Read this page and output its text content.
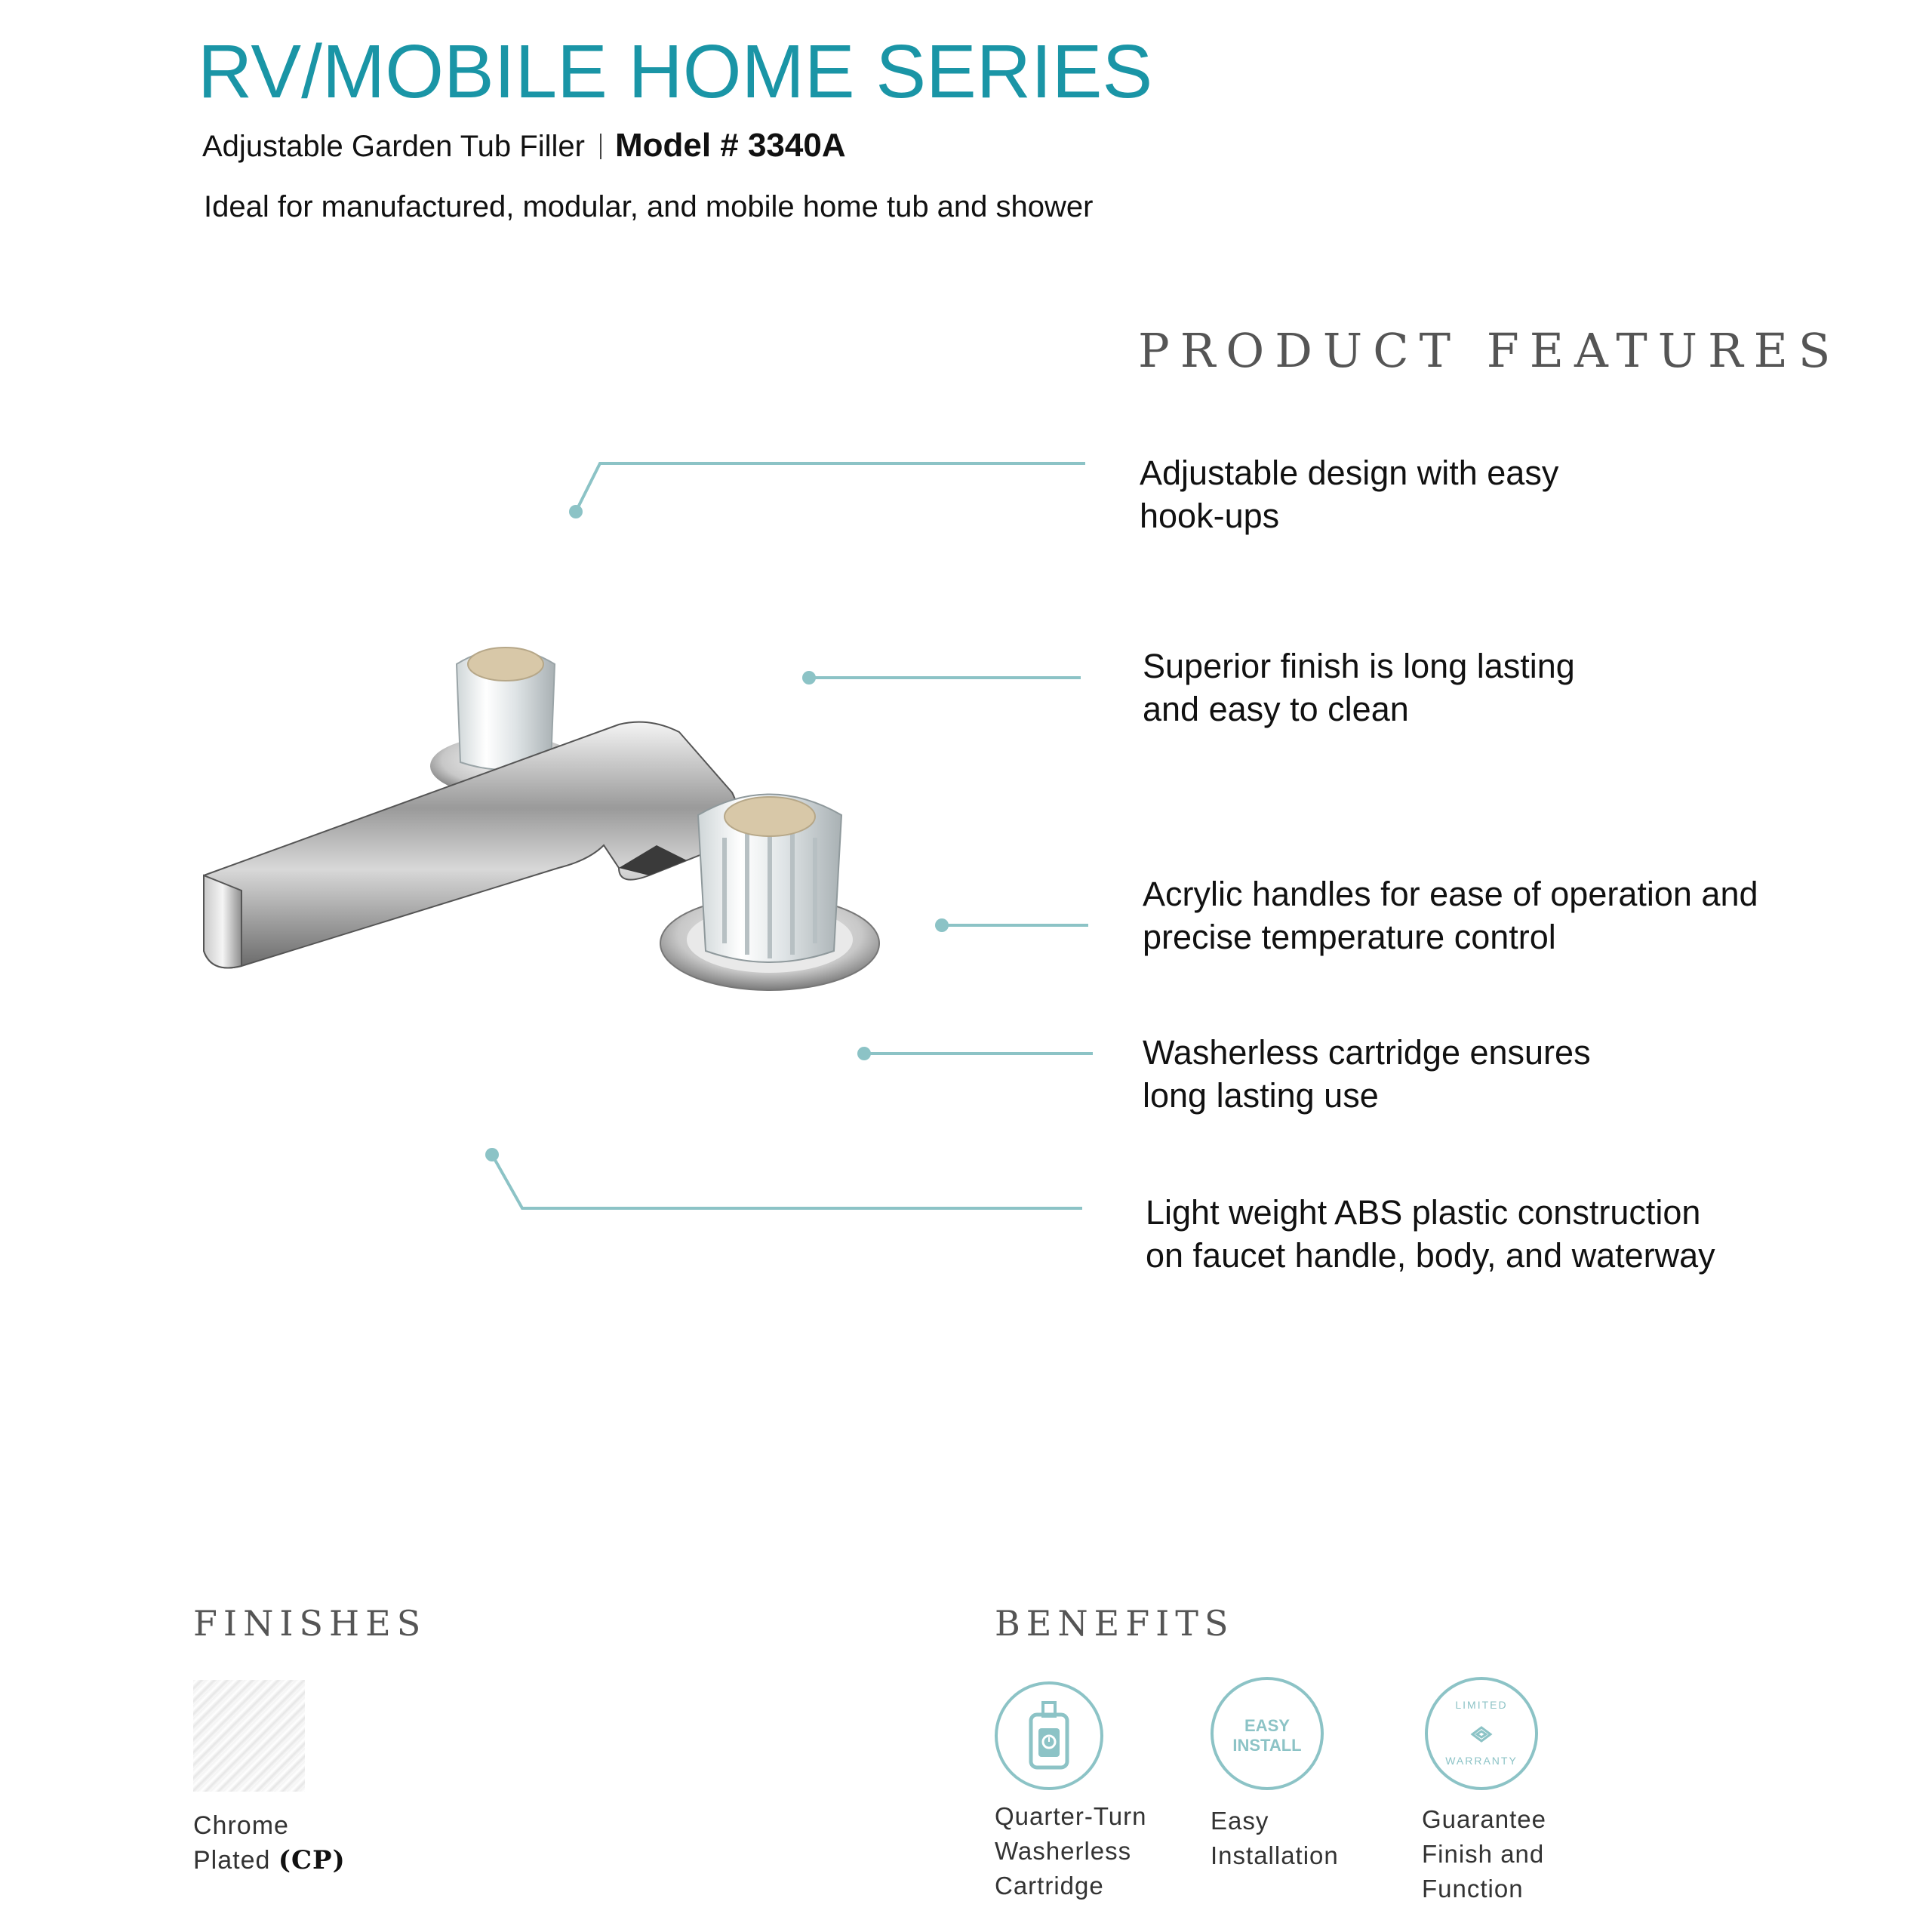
RV/MOBILE HOME SERIES
Adjustable Garden Tub Filler Model # 3340A
Ideal for manufactured, modular, and mobile home tub and shower
PRODUCT FEATURES
Adjustable design with easy
hook-ups
Superior finish is long lasting
and easy to clean
Acrylic handles for ease of operation and
precise temperature control
Washerless cartridge ensures
long lasting use
Light weight ABS plastic construction
on faucet handle, body, and waterway
FINISHES
Chrome
Plated (CP)
BENEFITS
Quarter-Turn
Washerless
Cartridge
EASY
INSTALL
Easy
Installation
LIMITED
WARRANTY
Guarantee
Finish and
Function
